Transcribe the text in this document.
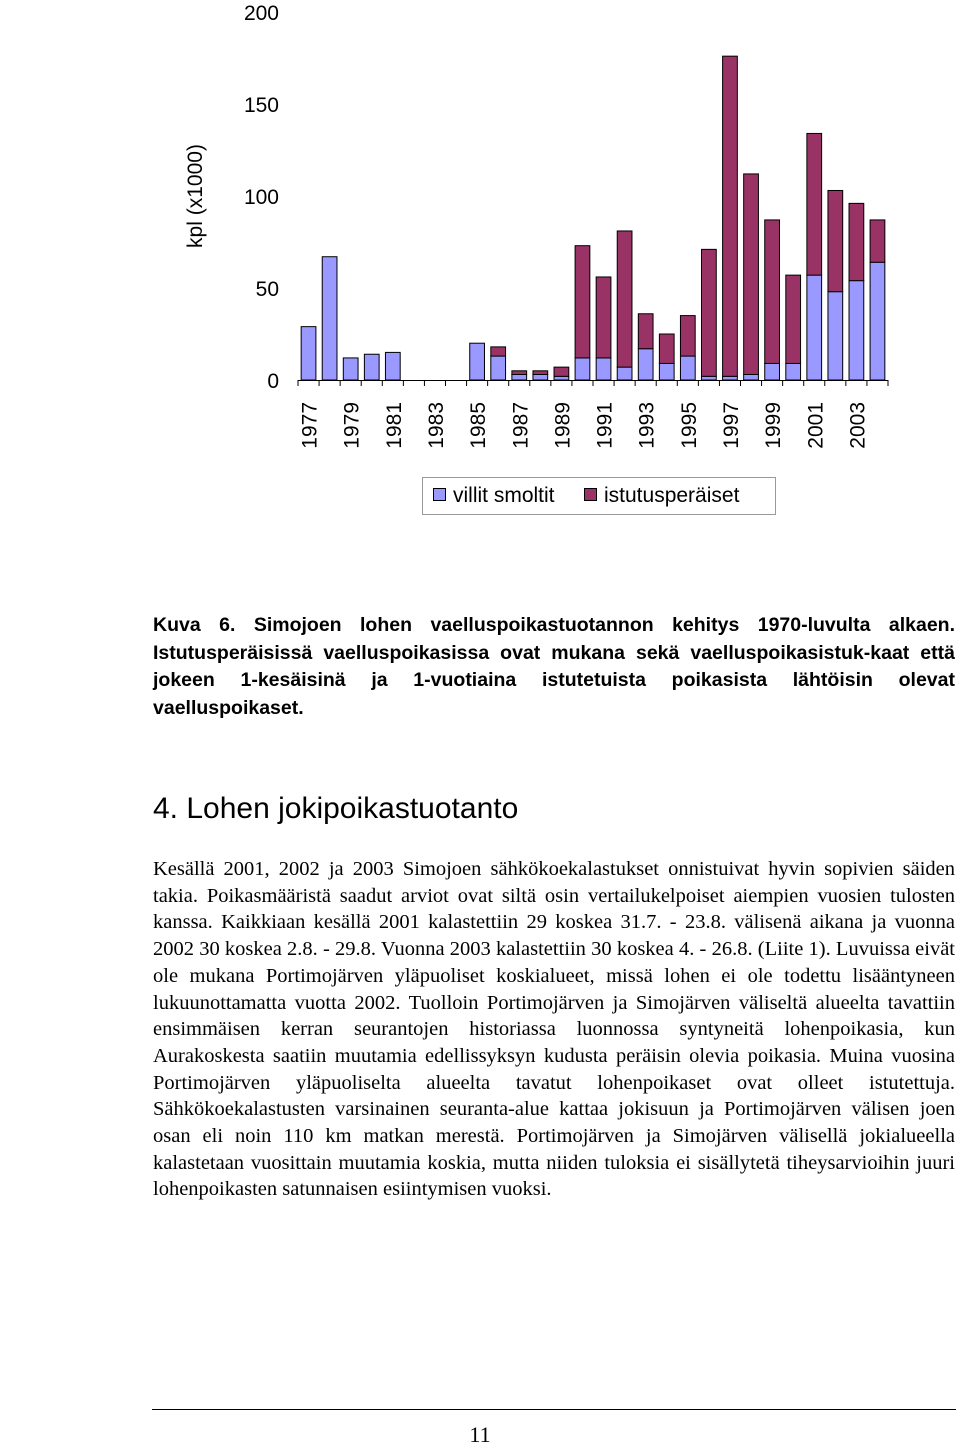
0
50
100
150
200
1977 1979 1981 1983 1985 1987 1989 1991 1993 1995 1997 1999 2001 2003
kpl (x1000)
villit smoltit istutusperäiset
Kuva 6. Simojoen lohen vaelluspoikastuotannon kehitys 1970-luvulta alkaen. Istutusperäisissä vaelluspoikasissa ovat mukana sekä vaelluspoikasistuk-kaat että jokeen 1-kesäisinä ja 1-vuotiaina istutetuista poikasista lähtöisin olevat vaelluspoikaset.
4. Lohen jokipoikastuotanto
Kesällä 2001, 2002 ja 2003 Simojoen sähkökoekalastukset onnistuivat hyvin sopivien säiden takia. Poikasmääristä saadut arviot ovat siltä osin vertailukelpoiset aiempien vuosien tulosten kanssa. Kaikkiaan kesällä 2001 kalastettiin 29 koskea 31.7. - 23.8. välisenä aikana ja vuonna 2002 30 koskea 2.8. - 29.8. Vuonna 2003 kalastettiin 30 koskea 4. - 26.8. (Liite 1). Luvuissa eivät ole mukana Portimojärven yläpuoliset koskialueet, missä lohen ei ole todettu lisääntyneen lukuunottamatta vuotta 2002. Tuolloin Portimojärven ja Simojärven väliseltä alueelta tavattiin ensimmäisen kerran seurantojen historiassa luonnossa syntyneitä lohenpoikasia, kun Aurakoskesta saatiin muutamia edellissyksyn kudusta peräisin olevia poikasia. Muina vuosina Portimojärven yläpuoliselta alueelta tavatut lohenpoikaset ovat olleet istutettuja. Sähkökoekalastusten varsinainen seuranta-alue kattaa jokisuun ja Portimojärven välisen joen osan eli noin 110 km matkan merestä. Portimojärven ja Simojärven välisellä jokialueella kalastetaan vuosittain muutamia koskia, mutta niiden tuloksia ei sisällytetä tiheysarvioihin juuri lohenpoikasten satunnaisen esiintymisen vuoksi.
11
